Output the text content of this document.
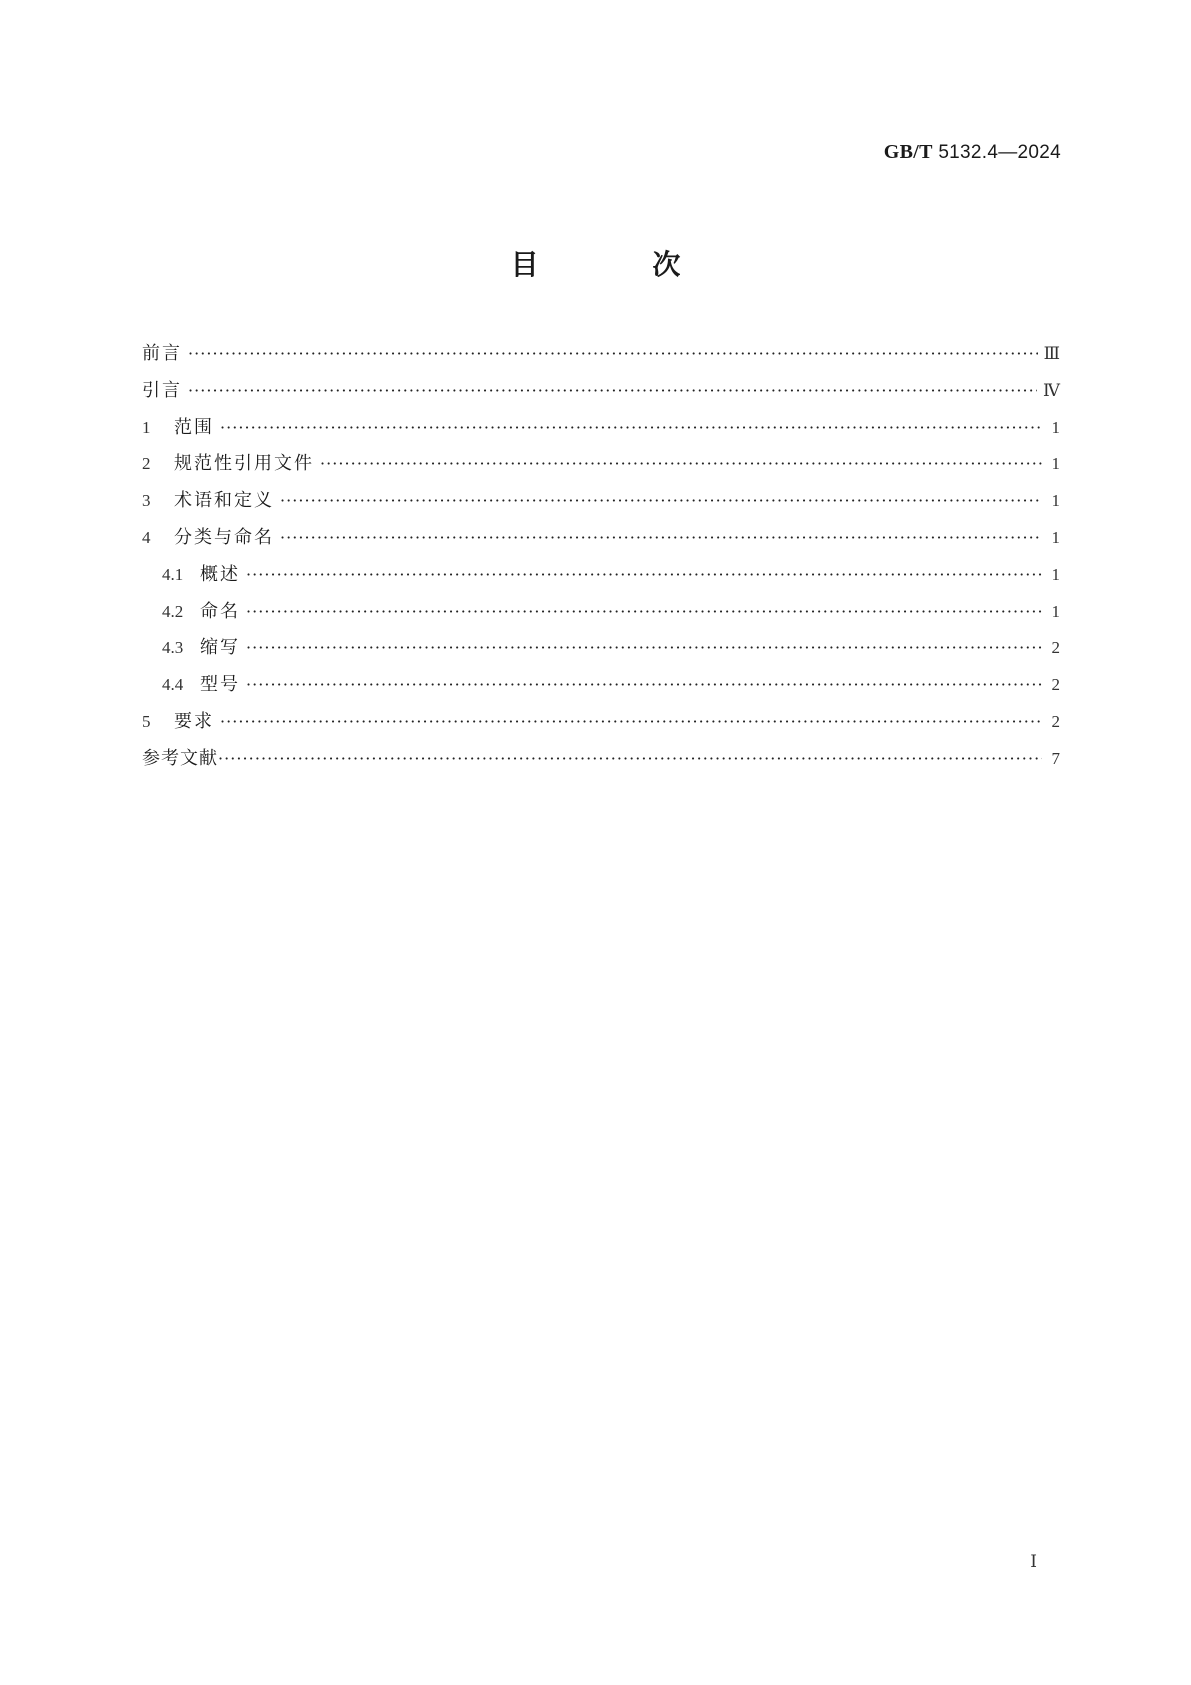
GB/T 5132.4—2024
目 次
前言 ·····	Ⅲ
引言 ·····	Ⅳ
1	范围 ·····	1
2	规范性引用文件 ·····	1
3	术语和定义 ·····	1
4	分类与命名 ·····	1
4.1 概述 ·····	1
4.2 命名 ·····	1
4.3 缩写 ·····	2
4.4 型号 ·····	2
5	要求 ·····	2
参考文献 ·····	7
Ⅰ
